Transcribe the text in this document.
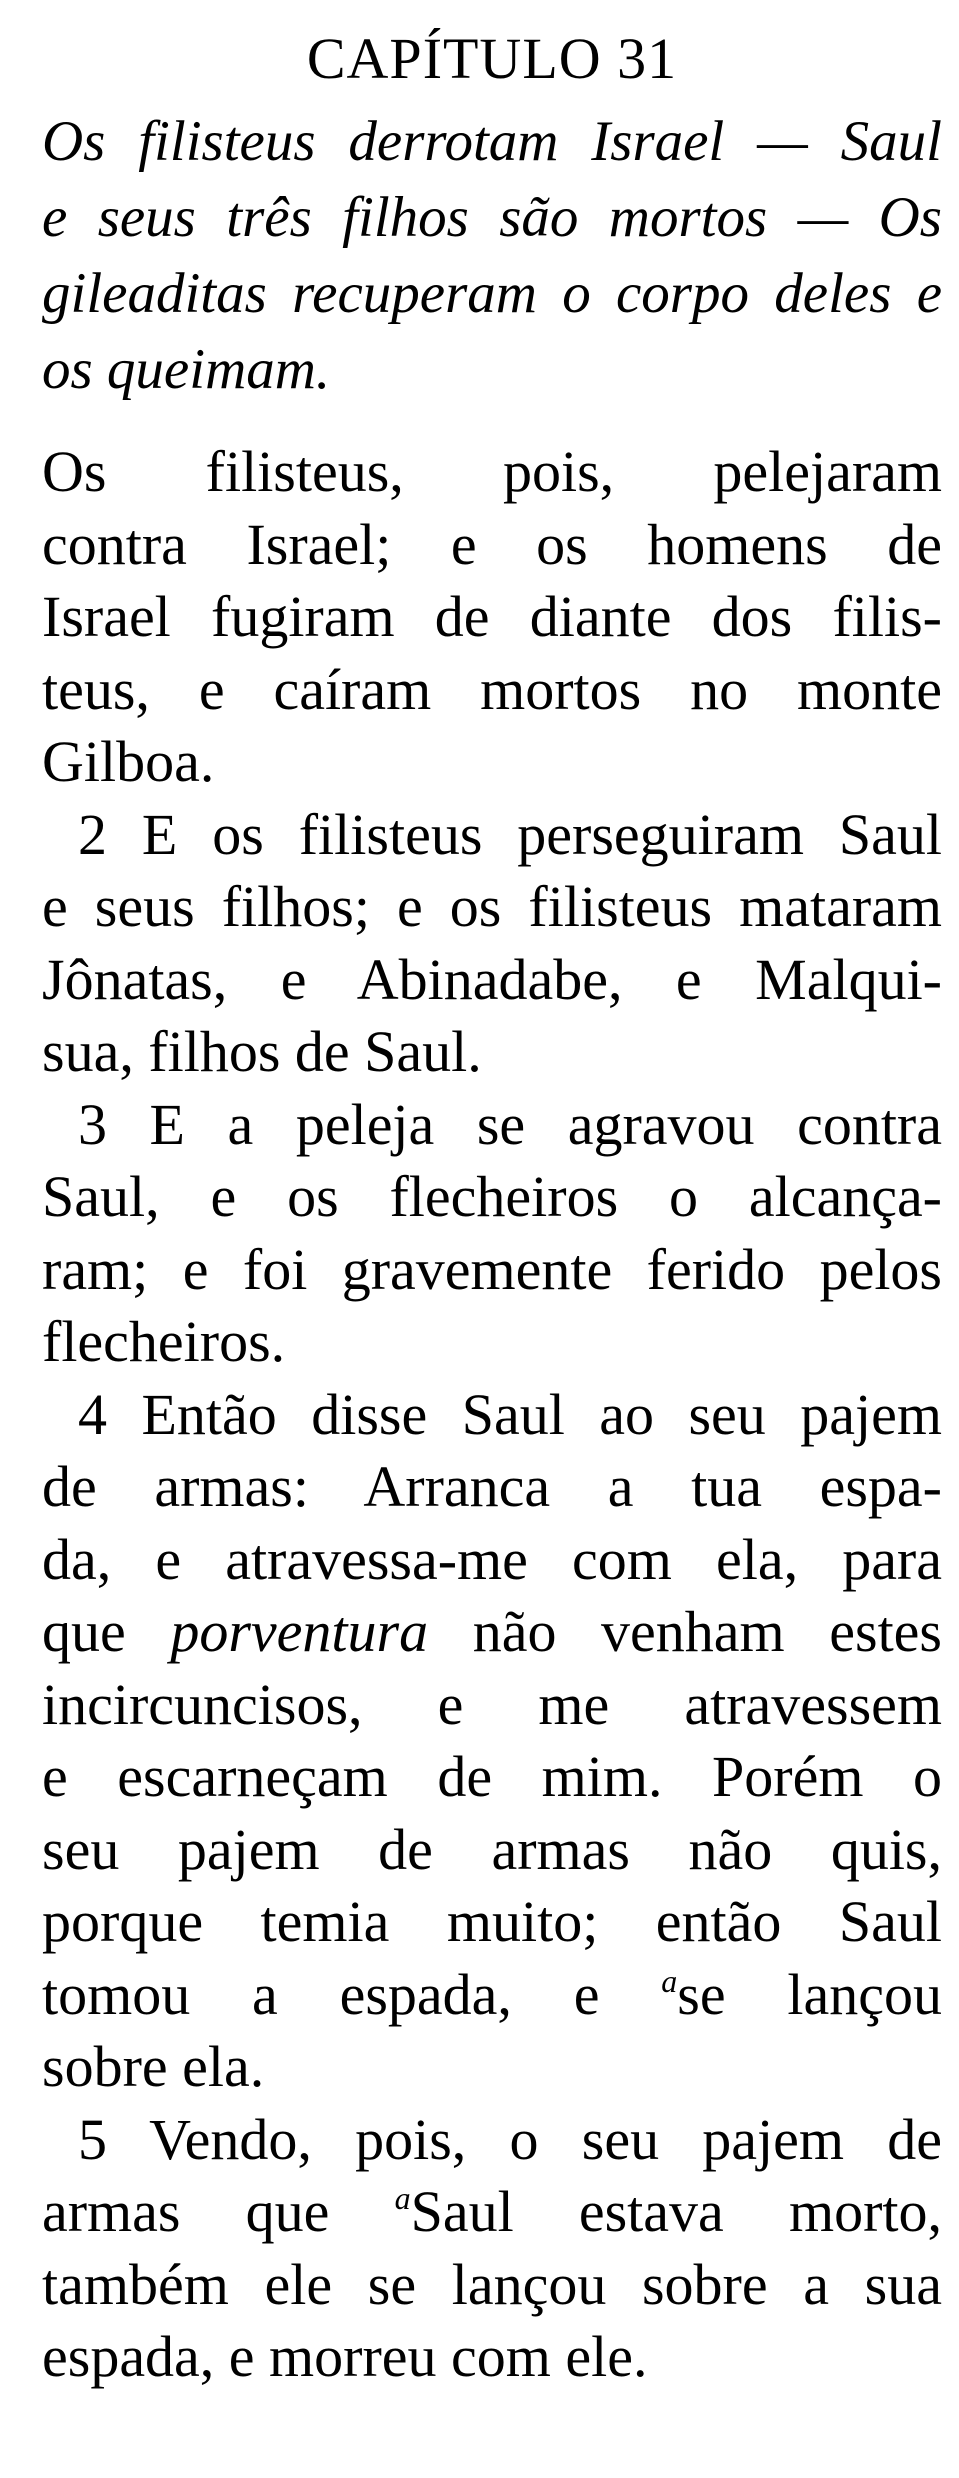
CAPÍTULO 31
Os filisteus derrotam Israel — Saul
e seus três filhos são mortos — Os
gileaditas recuperam o corpo deles e
os queimam.
Os filisteus, pois, pelejaram
contra Israel; e os homens de
Israel fugiram de diante dos filis-
teus, e caíram mortos no monte
Gilboa.
2 E os filisteus perseguiram Saul
e seus filhos; e os filisteus mataram
Jônatas, e Abinadabe, e Malqui-
sua, filhos de Saul.
3 E a peleja se agravou contra
Saul, e os flecheiros o alcança-
ram; e foi gravemente ferido pelos
flecheiros.
4 Então disse Saul ao seu pajem
de armas: Arranca a tua espa-
da, e atravessa-me com ela, para
que porventura não venham estes
incircuncisos, e me atravessem
e escarneçam de mim. Porém o
seu pajem de armas não quis,
porque temia muito; então Saul
tomou a espada, e $^a$se lançou
sobre ela.
5 Vendo, pois, o seu pajem de
armas que $^a$Saul estava morto,
também ele se lançou sobre a sua
espada, e morreu com ele.
